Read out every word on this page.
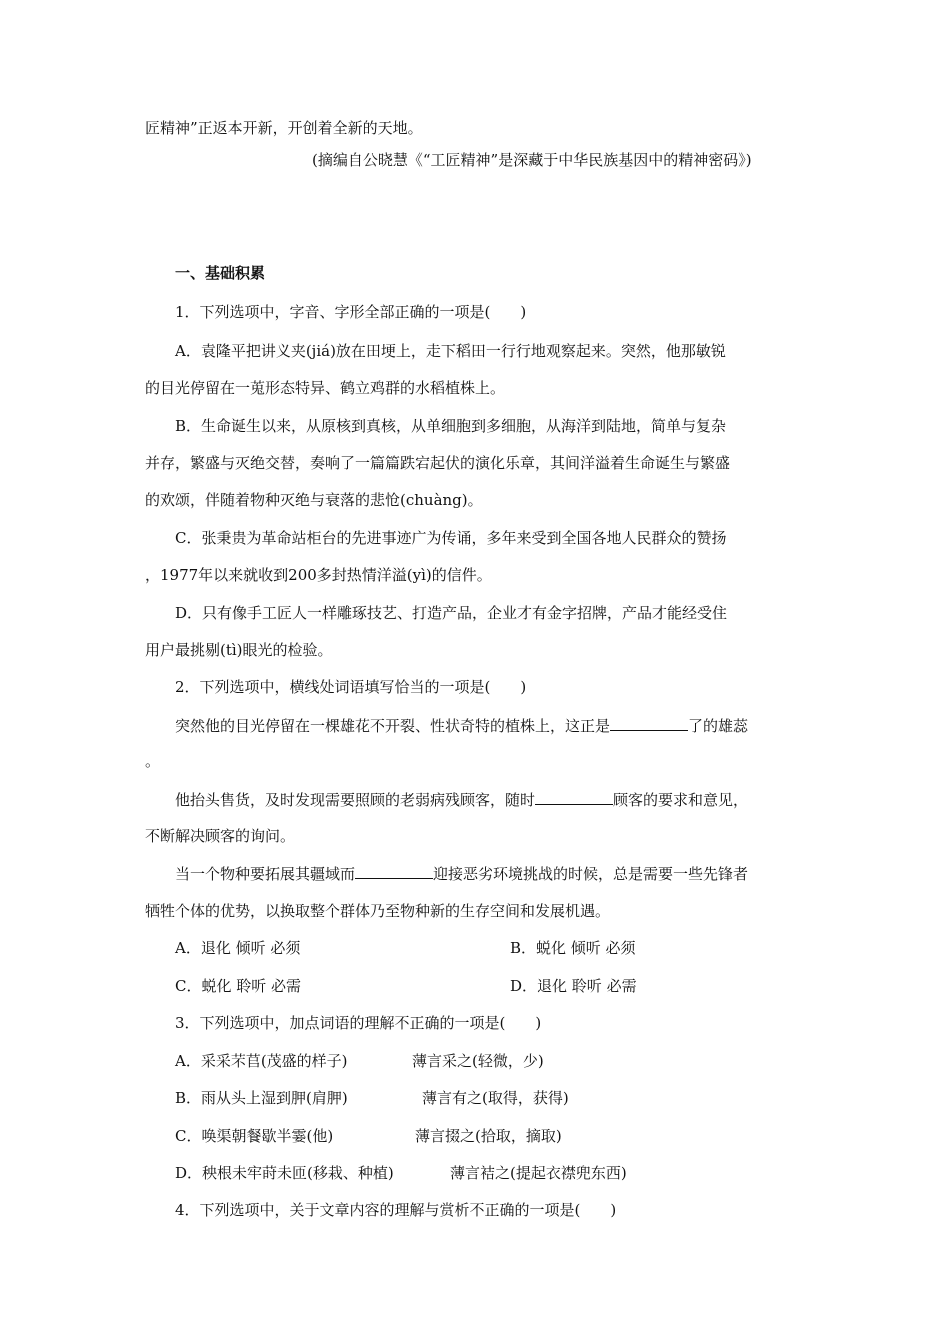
匠精神”正返本开新，开创着全新的天地。
(摘编自公晓慧《“工匠精神”是深藏于中华民族基因中的精神密码》)
一、基础积累
1．下列选项中，字音、字形全部正确的一项是(　　)
A．袁隆平把讲义夹(jiá)放在田埂上，走下稻田一行行地观察起来。突然，他那敏锐
的目光停留在一莵形态特异、鹤立鸡群的水稻植株上。
B．生命诞生以来，从原核到真核，从单细胞到多细胞，从海洋到陆地，简单与复杂
并存，繁盛与灭绝交替，奏响了一篇篇跌宕起伏的演化乐章，其间洋溢着生命诞生与繁盛
的欢颂，伴随着物种灭绝与衰落的悲怆(chuàng)。
C．张秉贵为革命站柜台的先进事迹广为传诵，多年来受到全国各地人民群众的赞扬
，1977年以来就收到200多封热情洋溢(yì)的信件。
D．只有像手工匠人一样雕琢技艺、打造产品，企业才有金字招牌，产品才能经受住
用户最挑剔(tì)眼光的检验。
2．下列选项中，横线处词语填写恰当的一项是(　　)
突然他的目光停留在一棵雄花不开裂、性状奇特的植株上，这正是	了的雄蕊
。
他抬头售货，及时发现需要照顾的老弱病残顾客，随时	顾客的要求和意见，
不断解决顾客的询问。
当一个物种要拓展其疆域而	迎接恶劣环境挑战的时候，总是需要一些先锋者
牺牲个体的优势，以换取整个群体乃至物种新的生存空间和发展机遇。
A．退化 倾听 必须	B．蜕化 倾听 必须
C．蜕化 聆听 必需	D．退化 聆听 必需
3．下列选项中，加点词语的理解不正确的一项是(　　)
A．采采芣苢(茂盛的样子)	薄言采之(轻微，少)
B．雨从头上湿到胛(肩胛)	薄言有之(取得，获得)
C．唤渠朝餐歇半霎(他)	薄言掇之(拾取，摘取)
D．秧根未牢莳未匝(移栽、种植)	薄言袺之(提起衣襟兜东西)
4．下列选项中，关于文章内容的理解与赏析不正确的一项是(　　)
